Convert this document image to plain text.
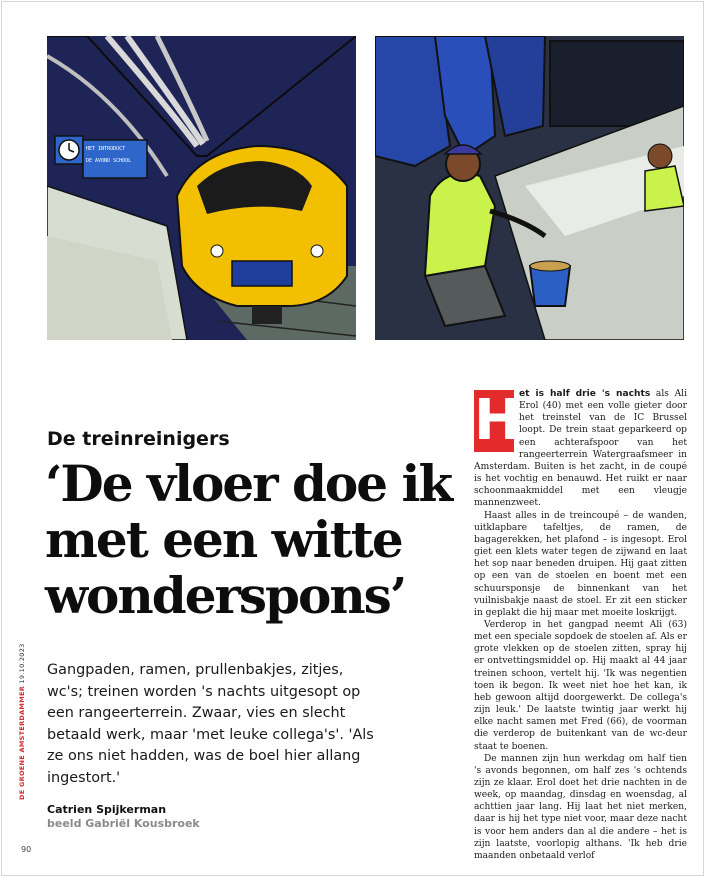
HET INTRODUCT
DE AVOND SCHOOL
De treinreinigers
‘De vloer doe ik met een witte wonderspons’
Gangpaden, ramen, prullenbakjes, zitjes, wc's; treinen worden 's nachts uitgesopt op een rangeerterrein. Zwaar, vies en slecht betaald werk, maar 'met leuke collega's'. 'Als ze ons niet hadden, was de boel hier allang ingestort.'
Catrien Spijkerman
beeld Gabriël Kousbroek
DE GROENE AMSTERDAMMER 19.10.2023
90

H
et is half drie 's nachts als Ali Erol (40) met een volle gieter door het treinstel van de IC Brussel loopt. De trein staat geparkeerd op een achterafspoor van het rangeerterrein Watergraafsmeer in Amsterdam. Buiten is het zacht, in de coupé is het vochtig en benauwd. Het ruikt er naar schoonmaakmiddel met een vleugje mannenzweet.

Haast alles in de treincoupé – de wanden, uitklapbare tafeltjes, de ramen, de bagagerekken, het plafond – is ingesopt. Erol giet een klets water tegen de zijwand en laat het sop naar beneden druipen. Hij gaat zitten op een van de stoelen en boent met een schuursponsje de binnenkant van het vuilnisbakje naast de stoel. Er zit een sticker in geplakt die hij maar met moeite loskrijgt.

Verderop in het gangpad neemt Ali (63) met een speciale sopdoek de stoelen af. Als er grote vlekken op de stoelen zitten, spray hij er ontvettingsmiddel op. Hij maakt al 44 jaar treinen schoon, vertelt hij. 'Ik was negentien toen ik begon. Ik weet niet hoe het kan, ik heb gewoon altijd doorgewerkt. De collega's zijn leuk.' De laatste twintig jaar werkt hij elke nacht samen met Fred (66), de voorman die verderop de buitenkant van de wc-deur staat te boenen.

De mannen zijn hun werkdag om half tien 's avonds begonnen, om half zes 's ochtends zijn ze klaar. Erol doet het drie nachten in de week, op maandag, dinsdag en woensdag, al achttien jaar lang. Hij laat het niet merken, daar is hij het type niet voor, maar deze nacht is voor hem anders dan al die andere – het is zijn laatste, voorlopig althans. 'Ik heb drie maanden onbetaald verlof
